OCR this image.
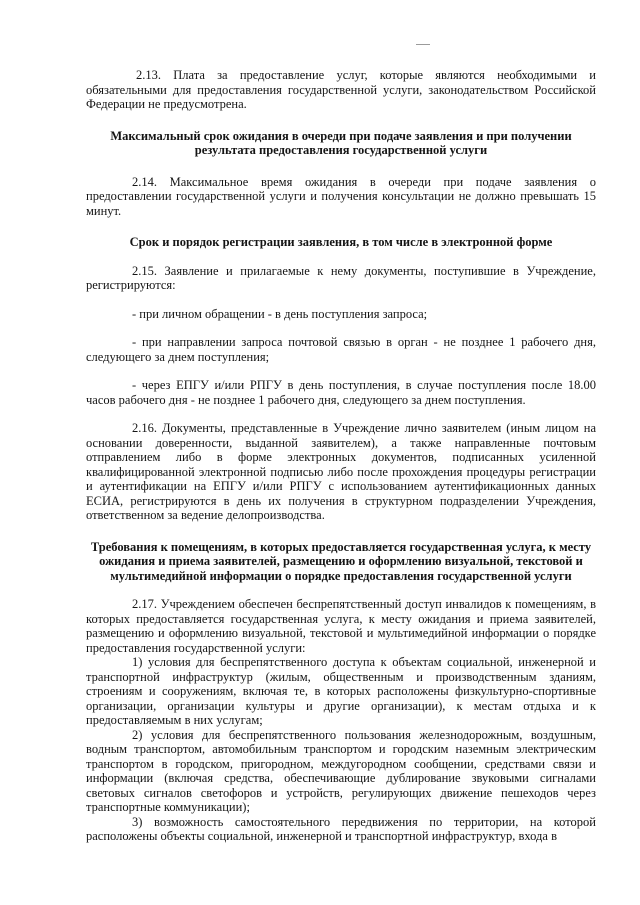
2.13. Плата за предоставление услуг, которые являются необходимыми и обязательными для предоставления государственной услуги, законодательством Российской Федерации не предусмотрена.

Максимальный срок ожидания в очереди при подаче заявления и при получении результата предоставления государственной услуги

2.14. Максимальное время ожидания в очереди при подаче заявления о предоставлении государственной услуги и получения консультации не должно превышать 15 минут.

Срок и порядок регистрации заявления, в том числе в электронной форме

2.15. Заявление и прилагаемые к нему документы, поступившие в Учреждение, регистрируются:

- при личном обращении - в день поступления запроса;

- при направлении запроса почтовой связью в орган - не позднее 1 рабочего дня, следующего за днем поступления;

- через ЕПГУ и/или РПГУ в день поступления, в случае поступления после 18.00 часов рабочего дня - не позднее 1 рабочего дня, следующего за днем поступления.

2.16. Документы, представленные в Учреждение лично заявителем (иным лицом на основании доверенности, выданной заявителем), а также направленные почтовым отправлением либо в форме электронных документов, подписанных усиленной квалифицированной электронной подписью либо после прохождения процедуры регистрации и аутентификации на ЕПГУ и/или РПГУ с использованием аутентификационных данных ЕСИА, регистрируются в день их получения в структурном подразделении Учреждения, ответственном за ведение делопроизводства.

Требования к помещениям, в которых предоставляется государственная услуга, к месту ожидания и приема заявителей, размещению и оформлению визуальной, текстовой и мультимедийной информации о порядке предоставления государственной услуги

2.17. Учреждением обеспечен беспрепятственный доступ инвалидов к помещениям, в которых предоставляется государственная услуга, к месту ожидания и приема заявителей, размещению и оформлению визуальной, текстовой и мультимедийной информации о порядке предоставления государственной услуги:

1) условия для беспрепятственного доступа к объектам социальной, инженерной и транспортной инфраструктур (жилым, общественным и производственным зданиям, строениям и сооружениям, включая те, в которых расположены физкультурно-спортивные организации, организации культуры и другие организации), к местам отдыха и к предоставляемым в них услугам;

2) условия для беспрепятственного пользования железнодорожным, воздушным, водным транспортом, автомобильным транспортом и городским наземным электрическим транспортом в городском, пригородном, междугородном сообщении, средствами связи и информации (включая средства, обеспечивающие дублирование звуковыми сигналами световых сигналов светофоров и устройств, регулирующих движение пешеходов через транспортные коммуникации);

3) возможность самостоятельного передвижения по территории, на которой расположены объекты социальной, инженерной и транспортной инфраструктур, входа в
